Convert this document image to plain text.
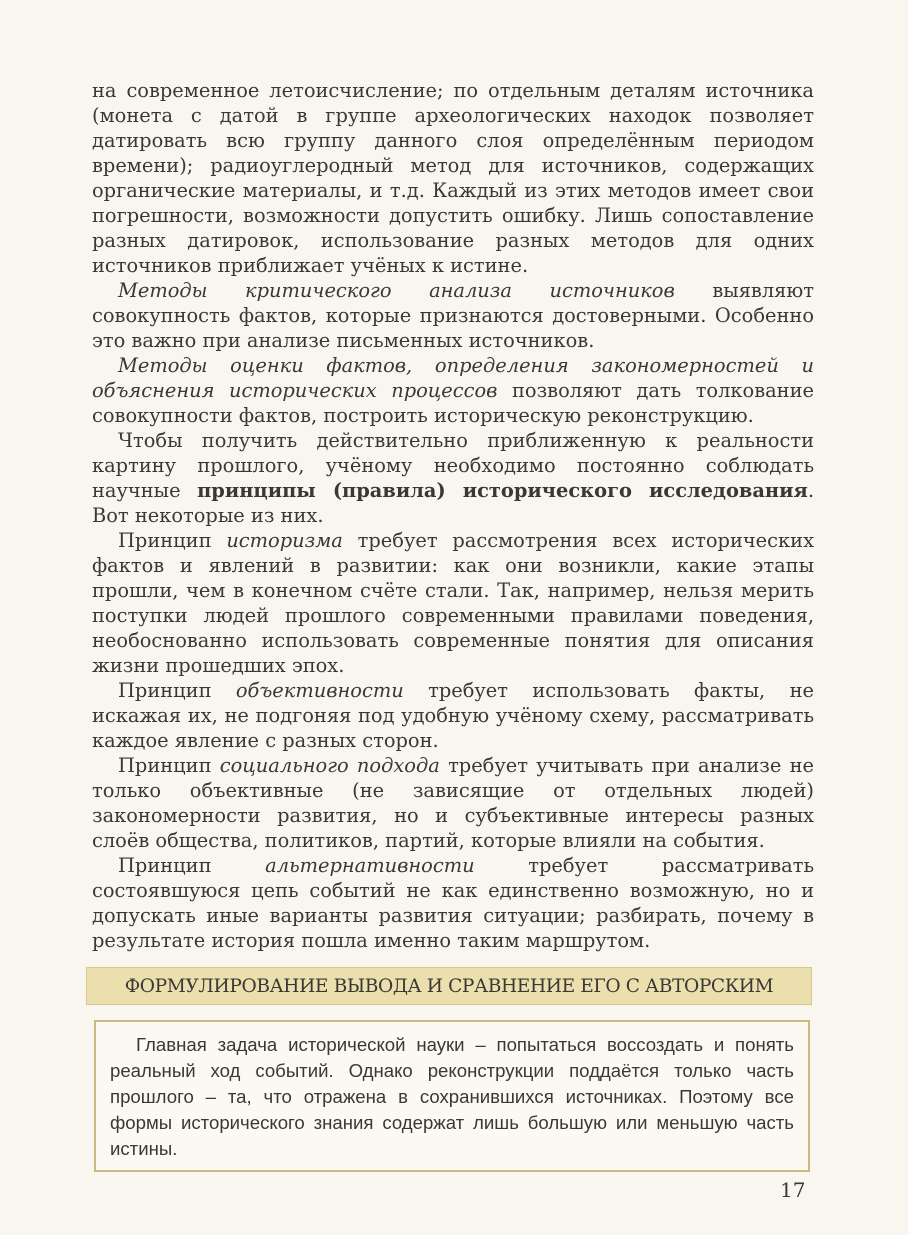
на современное летоисчисление; по отдельным деталям источника (монета с датой в группе археологических находок позволяет датировать всю группу данного слоя определённым периодом времени); радиоуглеродный метод для источников, содержащих органические материалы, и т.д. Каждый из этих методов имеет свои погрешности, возможности допустить ошибку. Лишь сопоставление разных датировок, использование разных методов для одних источников приближает учёных к истине.

Методы критического анализа источников выявляют совокупность фактов, которые признаются достоверными. Особенно это важно при анализе письменных источников.

Методы оценки фактов, определения закономерностей и объяснения исторических процессов позволяют дать толкование совокупности фактов, построить историческую реконструкцию.

Чтобы получить действительно приближенную к реальности картину прошлого, учёному необходимо постоянно соблюдать научные принципы (правила) исторического исследования. Вот некоторые из них.

Принцип историзма требует рассмотрения всех исторических фактов и явлений в развитии: как они возникли, какие этапы прошли, чем в конечном счёте стали. Так, например, нельзя мерить поступки людей прошлого современными правилами поведения, необоснованно использовать современные понятия для описания жизни прошедших эпох.

Принцип объективности требует использовать факты, не искажая их, не подгоняя под удобную учёному схему, рассматривать каждое явление с разных сторон.

Принцип социального подхода требует учитывать при анализе не только объективные (не зависящие от отдельных людей) закономерности развития, но и субъективные интересы разных слоёв общества, политиков, партий, которые влияли на события.

Принцип альтернативности требует рассматривать состоявшуюся цепь событий не как единственно возможную, но и допускать иные варианты развития ситуации; разбирать, почему в результате история пошла именно таким маршрутом.

ФОРМУЛИРОВАНИЕ ВЫВОДА И СРАВНЕНИЕ ЕГО С АВТОРСКИМ

Главная задача исторической науки – попытаться воссоздать и понять реальный ход событий. Однако реконструкции поддаётся только часть прошлого – та, что отражена в сохранившихся источниках. Поэтому все формы исторического знания содержат лишь большую или меньшую часть истины.

17
